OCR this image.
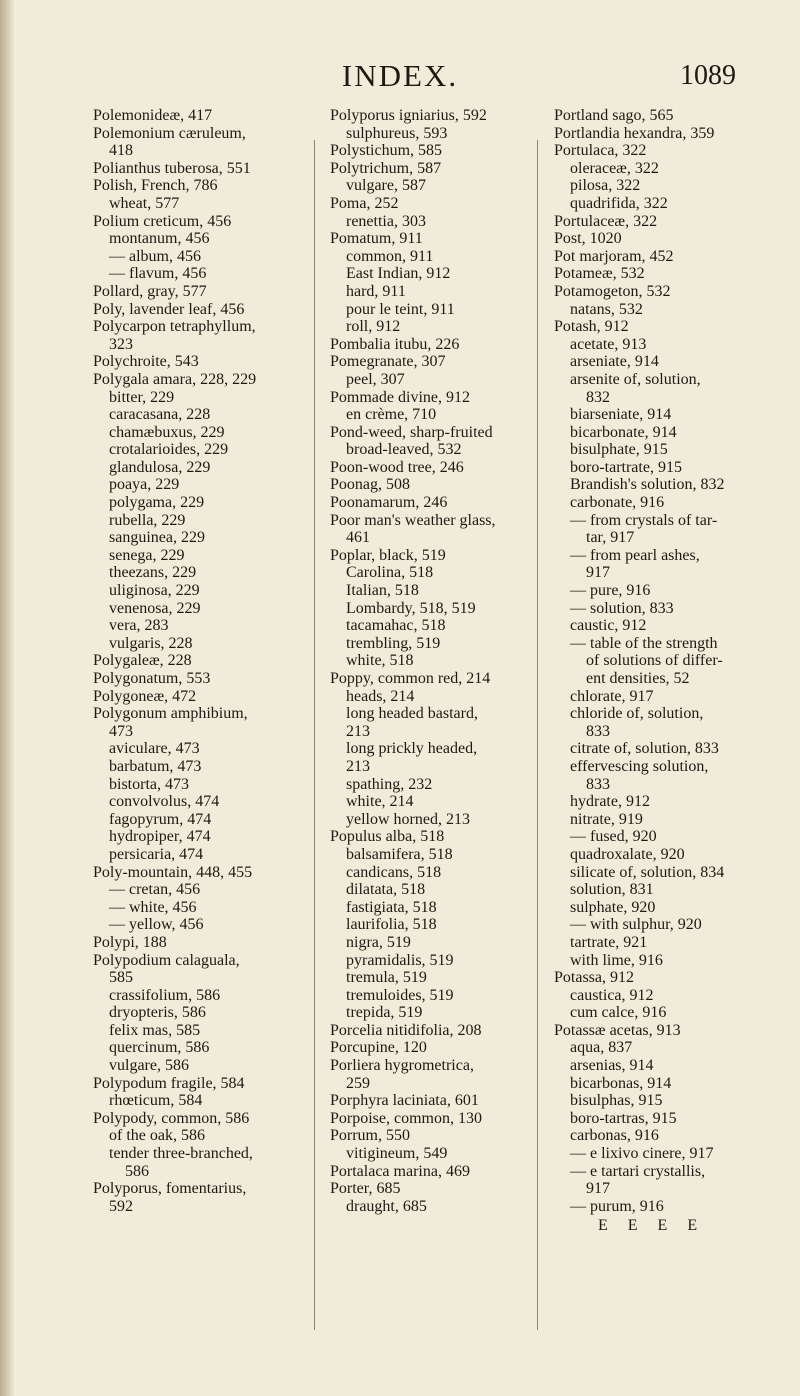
INDEX.	1089
Polemonideæ, 417
Polemonium cæruleum,
418
Polianthus tuberosa, 551
Polish, French, 786
wheat, 577
Polium creticum, 456
montanum, 456
— album, 456
— flavum, 456
Pollard, gray, 577
Poly, lavender leaf, 456
Polycarpon tetraphyllum,
323
Polychroite, 543
Polygala amara, 228, 229
bitter, 229
caracasana, 228
chamæbuxus, 229
crotalarioides, 229
glandulosa, 229
poaya, 229
polygama, 229
rubella, 229
sanguinea, 229
senega, 229
theezans, 229
uliginosa, 229
venenosa, 229
vera, 283
vulgaris, 228
Polygaleæ, 228
Polygonatum, 553
Polygoneæ, 472
Polygonum amphibium,
473
aviculare, 473
barbatum, 473
bistorta, 473
convolvolus, 474
fagopyrum, 474
hydropiper, 474
persicaria, 474
Poly-mountain, 448, 455
— cretan, 456
— white, 456
— yellow, 456
Polypi, 188
Polypodium calaguala,
585
crassifolium, 586
dryopteris, 586
felix mas, 585
quercinum, 586
vulgare, 586
Polypodum fragile, 584
rhœticum, 584
Polypody, common, 586
of the oak, 586
tender three-branched,
586
Polyporus, fomentarius,
592
Polyporus igniarius, 592
sulphureus, 593
Polystichum, 585
Polytrichum, 587
vulgare, 587
Poma, 252
renettia, 303
Pomatum, 911
common, 911
East Indian, 912
hard, 911
pour le teint, 911
roll, 912
Pombalia itubu, 226
Pomegranate, 307
peel, 307
Pommade divine, 912
en crème, 710
Pond-weed, sharp-fruited
broad-leaved, 532
Poon-wood tree, 246
Poonag, 508
Poonamarum, 246
Poor man's weather glass,
461
Poplar, black, 519
Carolina, 518
Italian, 518
Lombardy, 518, 519
tacamahac, 518
trembling, 519
white, 518
Poppy, common red, 214
heads, 214
long headed bastard,
213
long prickly headed,
213
spathing, 232
white, 214
yellow horned, 213
Populus alba, 518
balsamifera, 518
candicans, 518
dilatata, 518
fastigiata, 518
laurifolia, 518
nigra, 519
pyramidalis, 519
tremula, 519
tremuloides, 519
trepida, 519
Porcelia nitidifolia, 208
Porcupine, 120
Porliera hygrometrica,
259
Porphyra laciniata, 601
Porpoise, common, 130
Porrum, 550
vitigineum, 549
Portalaca marina, 469
Porter, 685
draught, 685
Portland sago, 565
Portlandia hexandra, 359
Portulaca, 322
oleraceæ, 322
pilosa, 322
quadrifida, 322
Portulaceæ, 322
Post, 1020
Pot marjoram, 452
Potameæ, 532
Potamogeton, 532
natans, 532
Potash, 912
acetate, 913
arseniate, 914
arsenite of, solution,
832
biarseniate, 914
bicarbonate, 914
bisulphate, 915
boro-tartrate, 915
Brandish's solution, 832
carbonate, 916
— from crystals of tar-
tar, 917
— from pearl ashes,
917
— pure, 916
— solution, 833
caustic, 912
— table of the strength
of solutions of differ-
ent densities, 52
chlorate, 917
chloride of, solution,
833
citrate of, solution, 833
effervescing solution,
833
hydrate, 912
nitrate, 919
— fused, 920
quadroxalate, 920
silicate of, solution, 834
solution, 831
sulphate, 920
— with sulphur, 920
tartrate, 921
with lime, 916
Potassa, 912
caustica, 912
cum calce, 916
Potassæ acetas, 913
aqua, 837
arsenias, 914
bicarbonas, 914
bisulphas, 915
boro-tartras, 915
carbonas, 916
— e lixivo cinere, 917
— e tartari crystallis,
917
— purum, 916
E E E E
